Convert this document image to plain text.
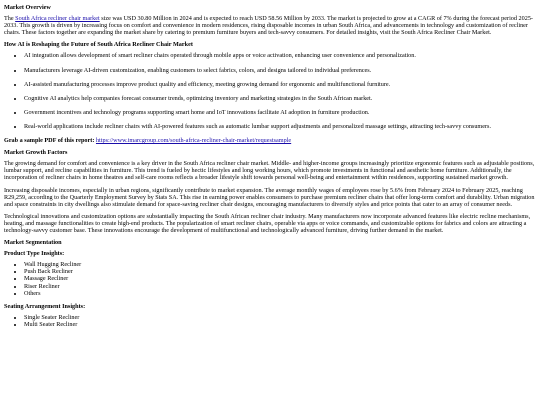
Market Overview
The South Africa recliner chair market size was USD 30.80 Million in 2024 and is expected to reach USD 58.56 Million by 2033. The market is projected to grow at a CAGR of 7% during the forecast period 2025-2033. This growth is driven by increasing focus on comfort and convenience in modern residences, rising disposable incomes in urban South Africa, and advancements in technology and customization of recliner chairs. These factors together are expanding the market share by catering to premium furniture buyers and tech-savvy consumers. For detailed insights, visit the South Africa Recliner Chair Market.
How AI is Reshaping the Future of South Africa Recliner Chair Market
• AI integration allows development of smart recliner chairs operated through mobile apps or voice activation, enhancing user convenience and personalization.
• Manufacturers leverage AI-driven customization, enabling customers to select fabrics, colors, and designs tailored to individual preferences.
• AI-assisted manufacturing processes improve product quality and efficiency, meeting growing demand for ergonomic and multifunctional furniture.
• Cognitive AI analytics help companies forecast consumer trends, optimizing inventory and marketing strategies in the South African market.
• Government incentives and technology programs supporting smart home and IoT innovations facilitate AI adoption in furniture production.
• Real-world applications include recliner chairs with AI-powered features such as automatic lumbar support adjustments and personalized massage settings, attracting tech-savvy consumers.
Grab a sample PDF of this report: https://www.imarcgroup.com/south-africa-recliner-chair-market/requestsample
Market Growth Factors
The growing demand for comfort and convenience is a key driver in the South Africa recliner chair market. Middle- and higher-income groups increasingly prioritize ergonomic features such as adjustable positions, lumbar support, and recline capabilities in furniture. This trend is fueled by hectic lifestyles and long working hours, which promote investments in functional and aesthetic home furniture. Additionally, the incorporation of recliner chairs in home theatres and self-care rooms reflects a broader lifestyle shift towards personal well-being and entertainment within residences, supporting sustained market growth.
Increasing disposable incomes, especially in urban regions, significantly contribute to market expansion. The average monthly wages of employees rose by 5.6% from February 2024 to February 2025, reaching R29,259, according to the Quarterly Employment Survey by Stats SA. This rise in earning power enables consumers to purchase premium recliner chairs that offer long-term comfort and durability. Urban migration and space constraints in city dwellings also stimulate demand for space-saving recliner chair designs, encouraging manufacturers to diversify styles and price points that cater to an array of consumer needs.
Technological innovations and customization options are substantially impacting the South African recliner chair industry. Many manufacturers now incorporate advanced features like electric recline mechanisms, heating, and massage functionalities to create high-end products. The popularization of smart recliner chairs, operable via apps or voice commands, and customizable options for fabrics and colors are attracting a technology-savvy customer base. These innovations encourage the development of multifunctional and technologically advanced furniture, driving further demand in the market.
Market Segmentation
Product Type Insights:
• Wall Hugging Recliner
• Push Back Recliner
• Massage Recliner
• Riser Recliner
• Others
Seating Arrangement Insights:
• Single Seater Recliner
• Multi Seater Recliner
